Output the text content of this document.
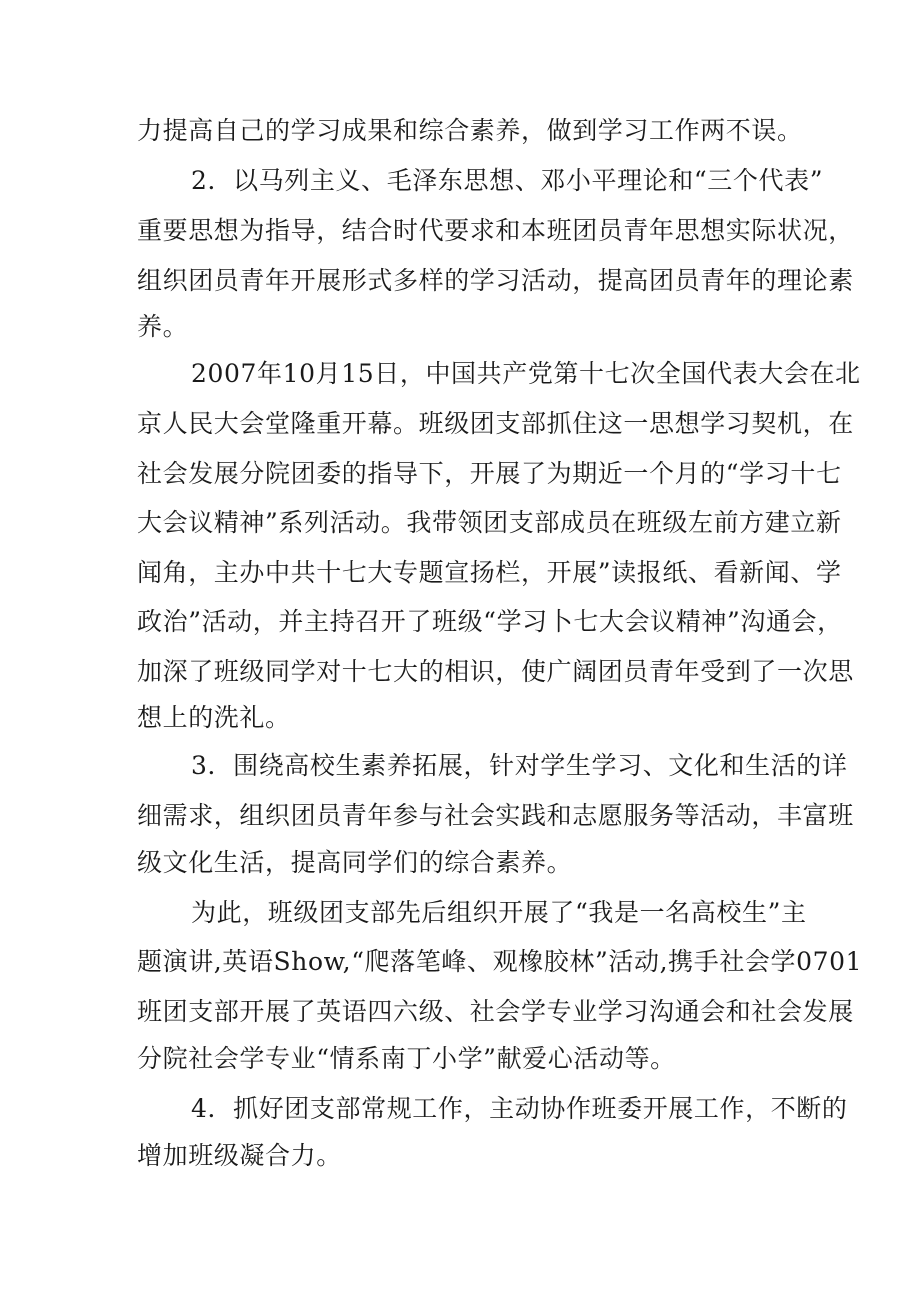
力提高自己的学习成果和综合素养，做到学习工作两不误。

2．以马列主义、毛泽东思想、邓小平理论和“三个代表”

重要思想为指导，结合时代要求和本班团员青年思想实际状况，

组织团员青年开展形式多样的学习活动，提高团员青年的理论素

养。

2007年10月15日，中国共产党第十七次全国代表大会在北

京人民大会堂隆重开幕。班级团支部抓住这一思想学习契机，在

社会发展分院团委的指导下，开展了为期近一个月的“学习十七

大会议精神”系列活动。我带领团支部成员在班级左前方建立新

闻角，主办中共十七大专题宣扬栏，开展”读报纸、看新闻、学

政治”活动，并主持召开了班级“学习卜七大会议精神”沟通会，

加深了班级同学对十七大的相识，使广阔团员青年受到了一次思

想上的洗礼。

3．围绕高校生素养拓展，针对学生学习、文化和生活的详

细需求，组织团员青年参与社会实践和志愿服务等活动，丰富班

级文化生活，提高同学们的综合素养。

为此，班级团支部先后组织开展了“我是一名高校生”主

题演讲,英语Show,“爬落笔峰、观橡胶林”活动,携手社会学0701

班团支部开展了英语四六级、社会学专业学习沟通会和社会发展

分院社会学专业“情系南丁小学”献爱心活动等。

4．抓好团支部常规工作，主动协作班委开展工作，不断的

增加班级凝合力。
